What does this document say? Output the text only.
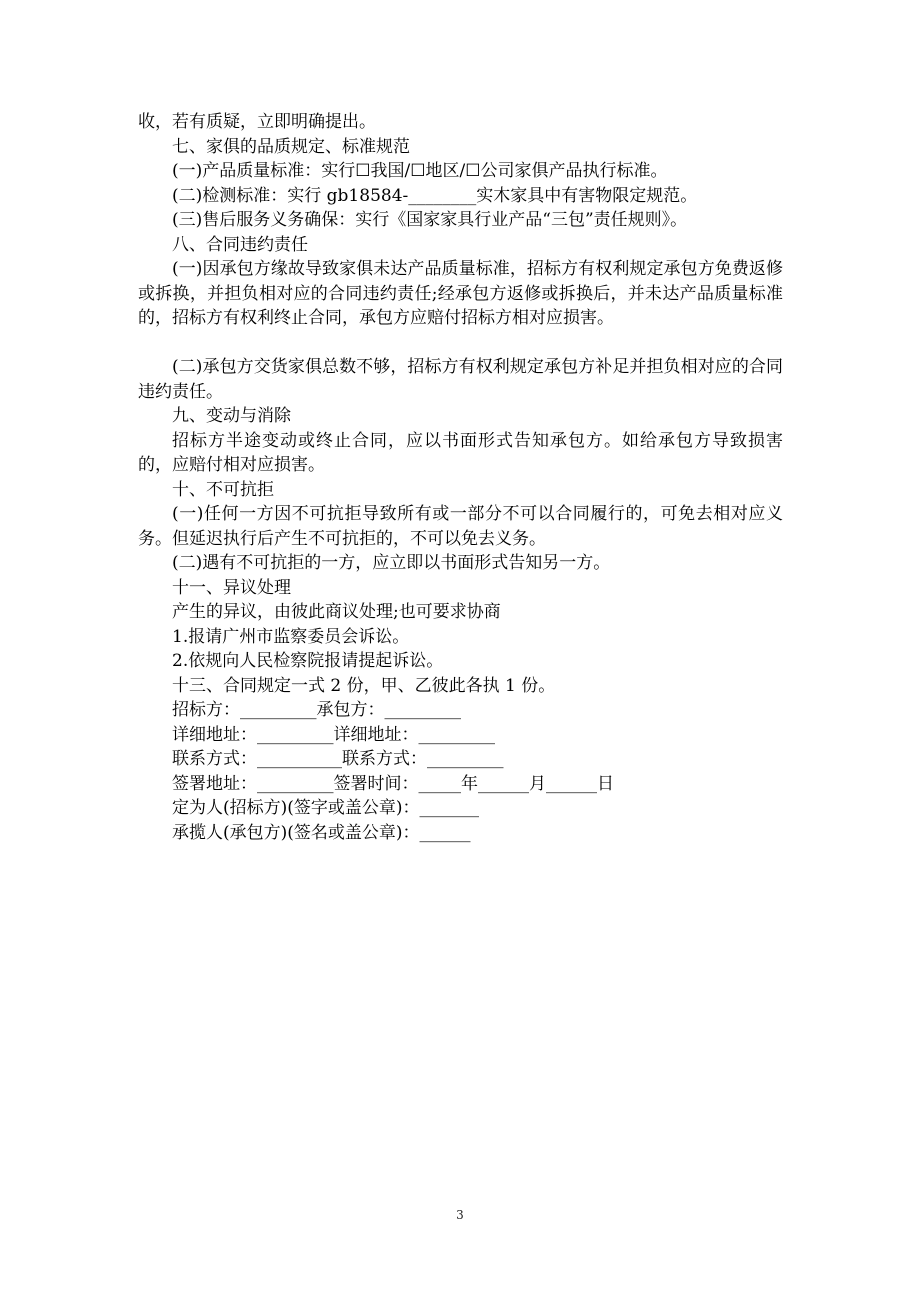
收，若有质疑，立即明确提出。

七、家俱的品质规定、标准规范

(一)产品质量标准：实行☐我国/☐地区/☐公司家俱产品执行标准。

(二)检测标准：实行 gb18584-________实木家具中有害物限定规范。

(三)售后服务义务确保：实行《国家家具行业产品“三包”责任规则》。

八、合同违约责任

(一)因承包方缘故导致家俱未达产品质量标准，招标方有权利规定承包方免费返修或拆换，并担负相对应的合同违约责任;经承包方返修或拆换后，并未达产品质量标准的，招标方有权利终止合同，承包方应赔付招标方相对应损害。

(二)承包方交货家俱总数不够，招标方有权利规定承包方补足并担负相对应的合同违约责任。

九、变动与消除

招标方半途变动或终止合同，应以书面形式告知承包方。如给承包方导致损害的，应赔付相对应损害。

十、不可抗拒

(一)任何一方因不可抗拒导致所有或一部分不可以合同履行的，可免去相对应义务。但延迟执行后产生不可抗拒的，不可以免去义务。

(二)遇有不可抗拒的一方，应立即以书面形式告知另一方。

十一、异议处理

产生的异议，由彼此商议处理;也可要求协商

1.报请广州市监察委员会诉讼。

2.依规向人民检察院报请提起诉讼。

十三、合同规定一式 2 份，甲、乙彼此各执 1 份。

招标方：_________承包方：_________

详细地址：_________详细地址：_________

联系方式：__________联系方式：_________

签署地址：_________签署时间：_____年______月______日

定为人(招标方)(签字或盖公章)：_______

承揽人(承包方)(签名或盖公章)：______

3
